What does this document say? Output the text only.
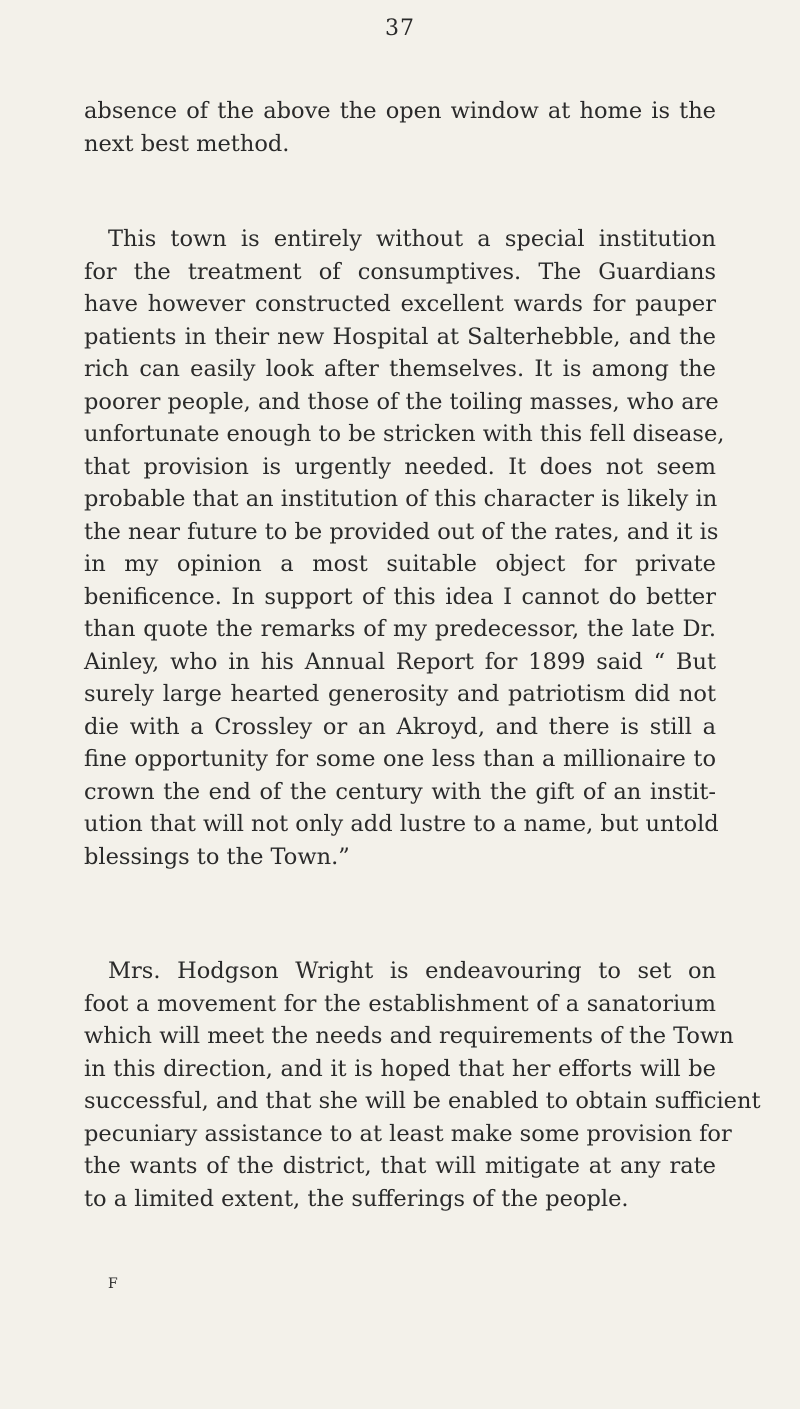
37
absence of the above the open window at home is the
next best method.
This town is entirely without a special institution
for the treatment of consumptives. The Guardians
have however constructed excellent wards for pauper
patients in their new Hospital at Salterhebble, and the
rich can easily look after themselves. It is among the
poorer people, and those of the toiling masses, who are
unfortunate enough to be stricken with this fell disease,
that provision is urgently needed. It does not seem
probable that an institution of this character is likely in
the near future to be provided out of the rates, and it is
in my opinion a most suitable object for private
benificence. In support of this idea I cannot do better
than quote the remarks of my predecessor, the late Dr.
Ainley, who in his Annual Report for 1899 said “ But
surely large hearted generosity and patriotism did not
die with a Crossley or an Akroyd, and there is still a
fine opportunity for some one less than a millionaire to
crown the end of the century with the gift of an instit-
ution that will not only add lustre to a name, but untold
blessings to the Town.”
Mrs. Hodgson Wright is endeavouring to set on
foot a movement for the establishment of a sanatorium
which will meet the needs and requirements of the Town
in this direction, and it is hoped that her efforts will be
successful, and that she will be enabled to obtain sufficient
pecuniary assistance to at least make some provision for
the wants of the district, that will mitigate at any rate
to a limited extent, the sufferings of the people.
F
